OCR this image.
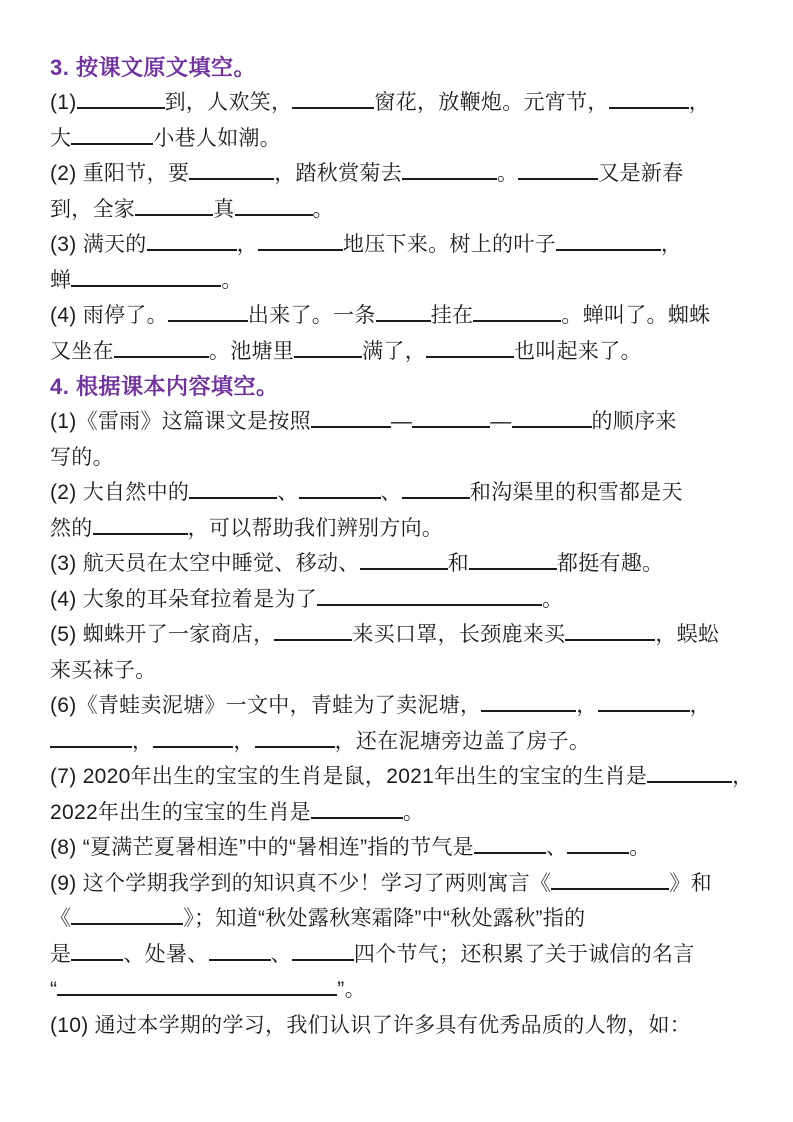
3. 按课文原文填空。
(1)	到，人欢笑，	窗花，放鞭炮。元宵节，	，
大	小巷人如潮。
(2) 重阳节，要	，踏秋赏菊去	。	又是新春
到，全家	真	。
(3) 满天的	，	地压下来。树上的叶子	，
蝉	。
(4) 雨停了。	出来了。一条	挂在	。蝉叫了。蜘蛛
又坐在	。池塘里	满了，	也叫起来了。
4. 根据课本内容填空。
(1)《雷雨》这篇课文是按照	—	—	的顺序来
写的。
(2) 大自然中的	、	、	和沟渠里的积雪都是天
然的	，可以帮助我们辨别方向。
(3) 航天员在太空中睡觉、移动、	和	都挺有趣。
(4) 大象的耳朵耷拉着是为了	。
(5) 蜘蛛开了一家商店，	来买口罩，长颈鹿来买	，蜈蚣
来买袜子。
(6)《青蛙卖泥塘》一文中，青蛙为了卖泥塘，	，	，
，	，	，还在泥塘旁边盖了房子。
(7) 2020年出生的宝宝的生肖是鼠，2021年出生的宝宝的生肖是	，
2022年出生的宝宝的生肖是	。
(8) “夏满芒夏暑相连”中的“暑相连”指的节气是	、	。
(9) 这个学期我学到的知识真不少！学习了两则寓言《	》和
《	》；知道“秋处露秋寒霜降”中“秋处露秋”指的
是 、处暑、	、	四个节气；还积累了关于诚信的名言
“	”。
(10) 通过本学期的学习，我们认识了许多具有优秀品质的人物，如：
